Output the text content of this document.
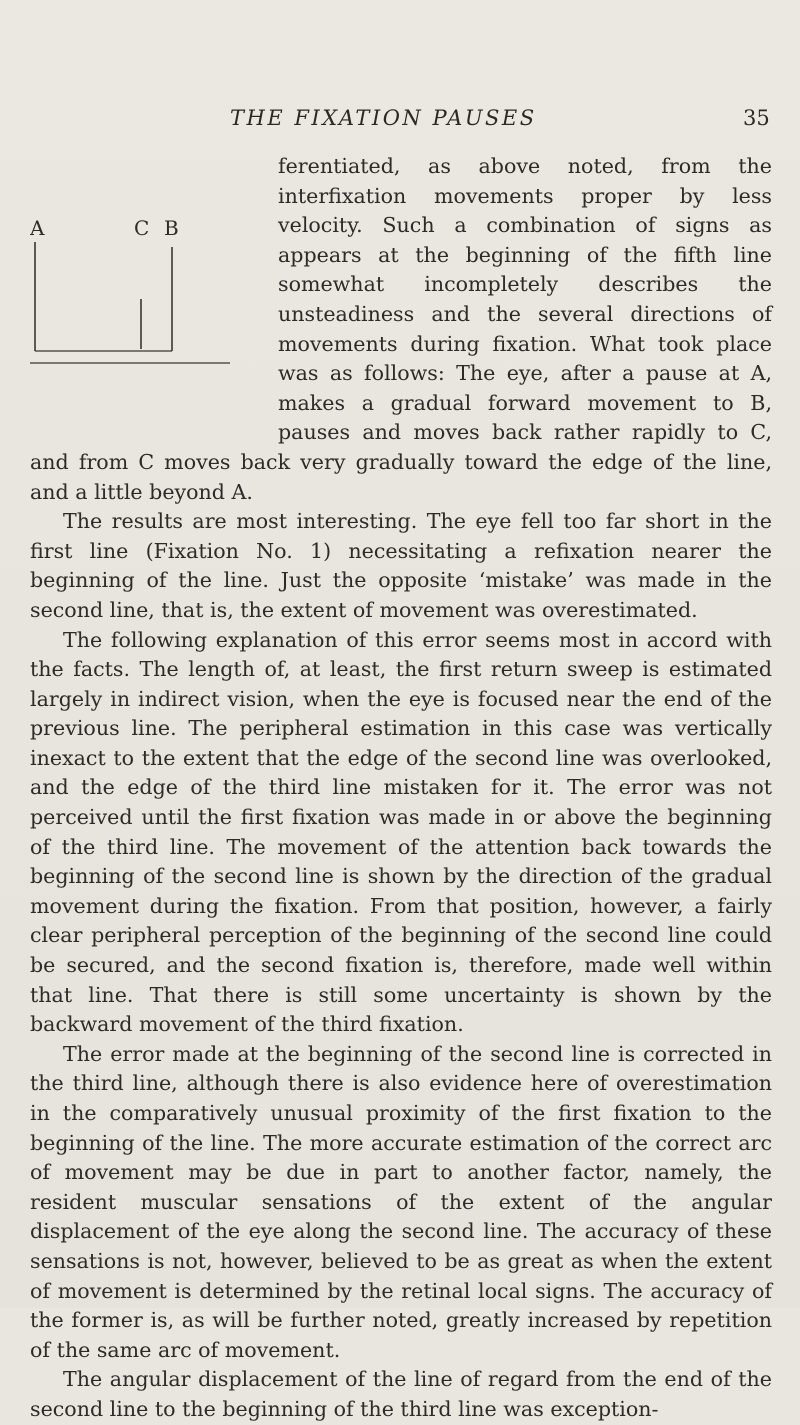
THE FIXATION PAUSES	35
A	C B

ferentiated, as above noted, from the interfixation movements proper by less velocity. Such a combination of signs as appears at the beginning of the fifth line somewhat incompletely describes the unsteadiness and the several directions of movements during fixation. What took place was as follows: The eye, after a pause at A, makes a gradual forward movement to B, pauses and moves back rather rapidly to C, and from C moves back very gradually toward the edge of the line, and a little beyond A.

The results are most interesting. The eye fell too far short in the first line (Fixation No. 1) necessitating a refixation nearer the beginning of the line. Just the opposite ‘mistake’ was made in the second line, that is, the extent of movement was overestimated.

The following explanation of this error seems most in accord with the facts. The length of, at least, the first return sweep is estimated largely in indirect vision, when the eye is focused near the end of the previous line. The peripheral estimation in this case was vertically inexact to the extent that the edge of the second line was overlooked, and the edge of the third line mistaken for it. The error was not perceived until the first fixation was made in or above the beginning of the third line. The movement of the attention back towards the beginning of the second line is shown by the direction of the gradual movement during the fixation. From that position, however, a fairly clear peripheral perception of the beginning of the second line could be secured, and the second fixation is, therefore, made well within that line. That there is still some uncertainty is shown by the backward movement of the third fixation.

The error made at the beginning of the second line is corrected in the third line, although there is also evidence here of overestimation in the comparatively unusual proximity of the first fixation to the beginning of the line. The more accurate estimation of the correct arc of movement may be due in part to another factor, namely, the resident muscular sensations of the extent of the angular displacement of the eye along the second line. The accuracy of these sensations is not, however, believed to be as great as when the extent of movement is determined by the retinal local signs. The accuracy of the former is, as will be further noted, greatly increased by repetition of the same arc of movement.

The angular displacement of the line of regard from the end of the second line to the beginning of the third line was exception-
